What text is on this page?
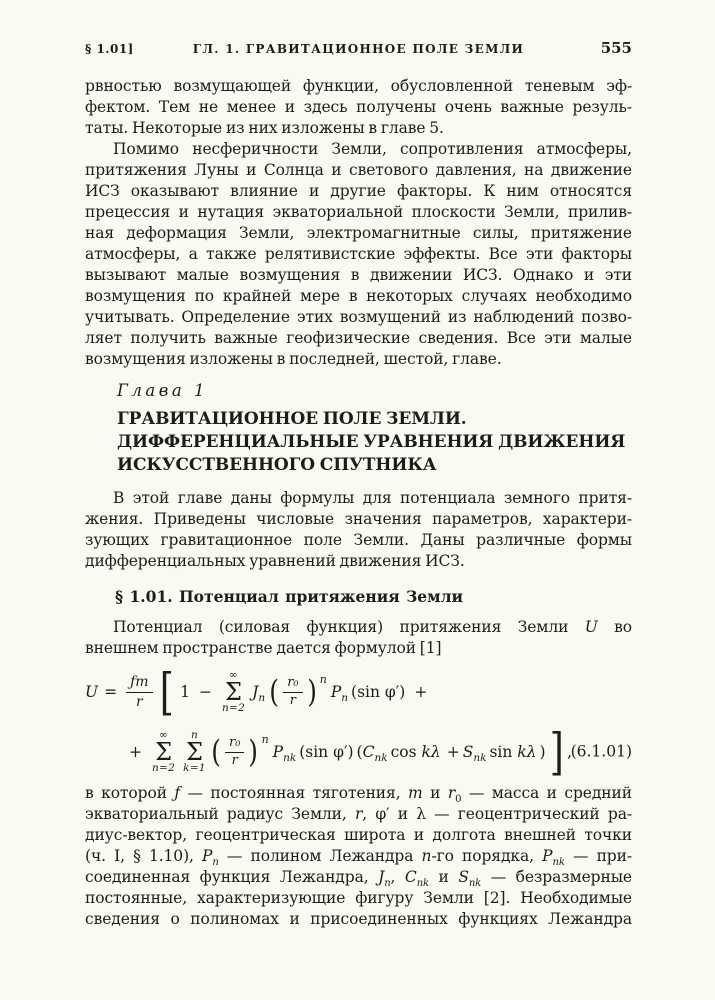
§ 1.01]	ГЛ. 1. ГРАВИТАЦИОННОЕ ПОЛЕ ЗЕМЛИ	555
рвностью возмущающей функции, обусловленной теневым эф-
фектом. Тем не менее и здесь получены очень важные резуль-
таты. Некоторые из них изложены в главе 5.
Помимо несферичности Земли, сопротивления атмосферы,
притяжения Луны и Солнца и светового давления, на движение
ИСЗ оказывают влияние и другие факторы. К ним относятся
прецессия и нутация экваториальной плоскости Земли, прилив-
ная деформация Земли, электромагнитные силы, притяжение
атмосферы, а также релятивистские эффекты. Все эти факторы
вызывают малые возмущения в движении ИСЗ. Однако и эти
возмущения по крайней мере в некоторых случаях необходимо
учитывать. Определение этих возмущений из наблюдений позво-
ляет получить важные геофизические сведения. Все эти малые
возмущения изложены в последней, шестой, главе.
Глава 1
ГРАВИТАЦИОННОЕ ПОЛЕ ЗЕМЛИ.
ДИФФЕРЕНЦИАЛЬНЫЕ УРАВНЕНИЯ ДВИЖЕНИЯ
ИСКУССТВЕННОГО СПУТНИКА
В этой главе даны формулы для потенциала земного притя-
жения. Приведены числовые значения параметров, характери-
зующих гравитационное поле Земли. Даны различные формы
дифференциальных уравнений движения ИСЗ.
§ 1.01. Потенциал притяжения Земли
Потенциал (силовая функция) притяжения Земли U во
внешнем пространстве дается формулой [1]
$U = \frac{ƒm}{r}$ [ 1 −
∞
Σ
n=2
$J_n$ ( $\frac{\text{r₀}}{r}$ ) n
$P_n$ (sin φ′) +
+
∞
Σ
n=2
n
Σ
k=1 ( $\frac{\text{r₀}}{r}$ ) n
$P_{nk}$ (sin φ′) ( $C_{nk}$ $\cos k\lambda + S_{nk}$ sin kλ ) ] ,
(6.1.01)
в которой ƒ — постоянная тяготения, m и $r_0$ — масса и средний
экваториальный радиус Земли, r, φ′ и λ — геоцентрический ра-
диус-вектор, геоцентрическая широта и долгота внешней точки
(ч. I, § 1.10), $P_n$ — полином Лежандра n-го порядка, $P_{nk}$ — при-
соединенная функция Лежандра, $J_n$, $C_{nk}$ и $S_{nk}$ — безразмерные
постоянные, характеризующие фигуру Земли [2]. Необходимые
сведения о полиномах и присоединенных функциях Лежандра
